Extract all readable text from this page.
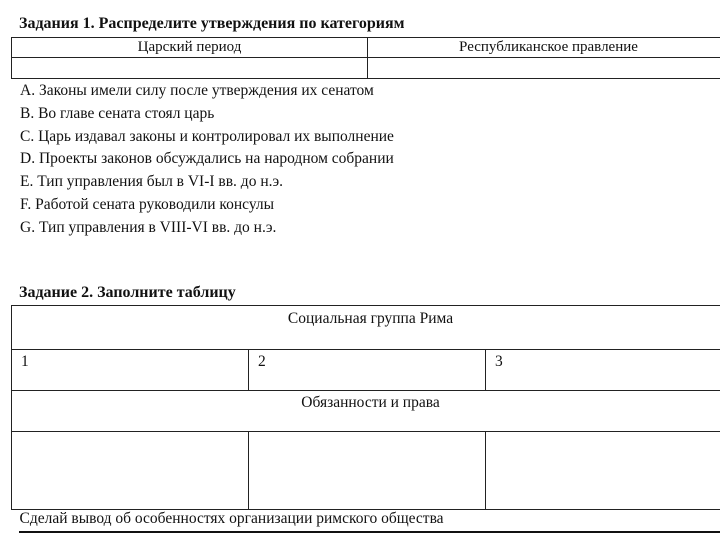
Задания 1. Распределите утверждения по категориям
Царский период	Республиканское правление

A. Законы имели силу после утверждения их сенатом
B. Во главе сената стоял царь
C. Царь издавал законы и контролировал их выполнение
D. Проекты законов обсуждались на народном собрании
E. Тип управления был в VI-I вв. до н.э.
F. Работой сената руководили консулы
G. Тип управления в VIII-VI вв. до н.э.
Задание 2. Заполните таблицу
Социальная группа Рима		
1	2	3
Обязанности и права		

Сделай вывод об особенностях организации римского общества		
